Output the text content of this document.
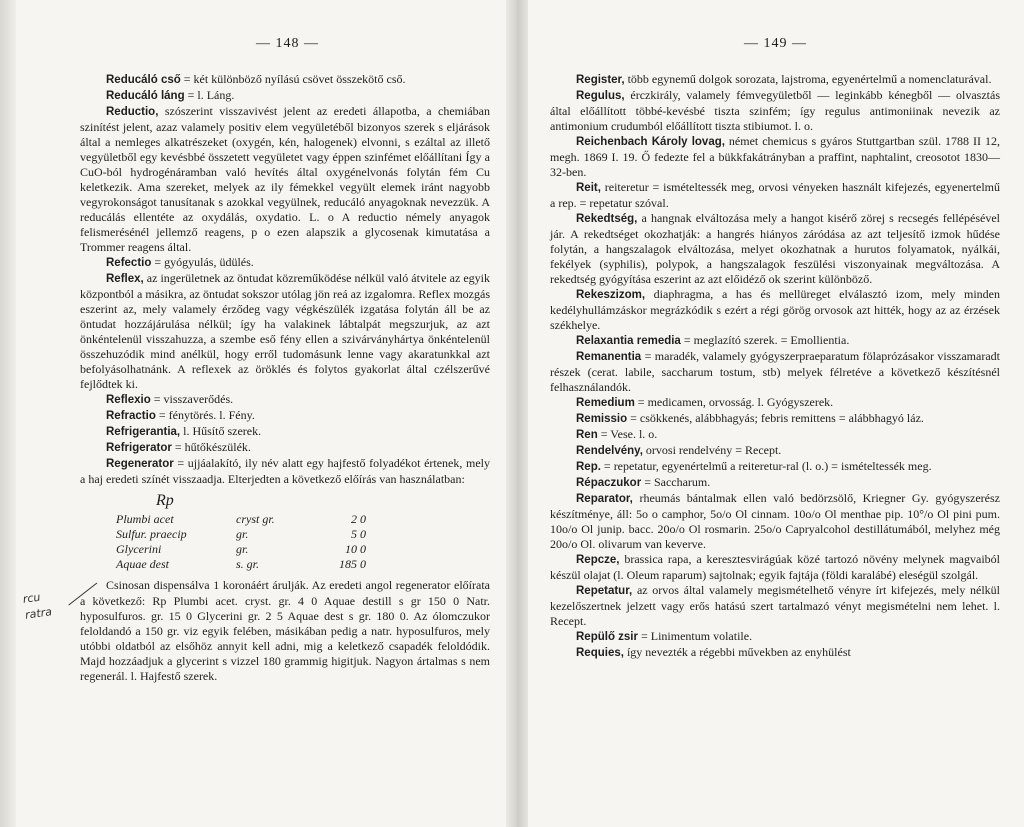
— 148 —
rcu
ratra

Reducáló cső = két különböző nyílású csövet összekötő cső.

Reducáló láng = l. Láng.

Reductio, szószerint visszavivést jelent az eredeti állapotba, a chemiában szinítést jelent, azaz valamely positiv elem vegyületéből bizonyos szerek s eljárások által a nemleges alkatrészeket (oxygén, kén, halogenek) elvonni, s ezáltal az illető vegyületből egy kevésbbé összetett vegyületet vagy éppen szinfémet előállítani Így a CuO-ból hydrogénáramban való hevítés által oxygénelvonás folytán fém Cu keletkezik. Ama szereket, melyek az ily fémekkel vegyült elemek iránt nagyobb vegyrokonságot tanusítanak s azokkal vegyülnek, reducáló anyagoknak nevezzük. A reducálás ellentéte az oxydálás, oxydatio. L. o A reductio némely anyagok felismerésénél jellemző reagens, p o ezen alapszik a glycosenak kimutatása a Trommer reagens által.

Refectio = gyógyulás, üdülés.

Reflex, az ingerületnek az öntudat közreműködése nélkül való átvitele az egyik központból a másikra, az öntudat sokszor utólag jön reá az izgalomra. Reflex mozgás eszerint az, mely valamely érződeg vagy végkészülék izgatása folytán áll be az öntudat hozzájárulása nélkül; így ha valakinek lábtalpát megszurjuk, az azt önkéntelenül visszahuzza, a szembe eső fény ellen a szivárványhártya önkéntelenül összehuzódik mind anélkül, hogy erről tudomásunk lenne vagy akaratunkkal azt befolyásolhatnánk. A reflexek az öröklés és folytos gyakorlat által czélszerűvé fejlődtek ki.

Reflexio = visszaverődés.

Refractio = fénytörés. l. Fény.

Refrigerantia, l. Hűsítő szerek.

Refrigerator = hűtőkészülék.

Regenerator = ujjáalakító, ily név alatt egy hajfestő folyadékot értenek, mely a haj eredeti színét visszaadja. Elterjedten a következő előírás van használatban:

Rp
Plumbi acet	cryst gr.	2 0
Sulfur. praecip	gr.	5 0
Glycerini	gr.	10 0
Aquae dest	s. gr.	185 0

Csinosan dispensálva 1 koronáért árulják. Az eredeti angol regenerator előírata a következő: Rp Plumbi acet. cryst. gr. 4 0 Aquae destill s gr 150 0 Natr. hyposulfuros. gr. 15 0 Glycerini gr. 2 5 Aquae dest s gr. 180 0. Az ólomczukor feloldandó a 150 gr. viz egyik felében, másikában pedig a natr. hyposulfuros, mely utóbbi oldatból az elsőhöz annyit kell adni, mig a keletkező csapadék feloldódik. Majd hozzáadjuk a glycerint s vizzel 180 grammig higitjuk. Nagyon ártalmas s nem regenerál. l. Hajfestő szerek.

— 149 —

Register, több egynemű dolgok sorozata, lajstroma, egyenértelmű a nomenclaturával.

Regulus, érczkirály, valamely fémvegyületből — leginkább kénegből — olvasztás által előállított többé-kevésbé tiszta szinfém; így regulus antimoniinak nevezik az antimonium crudumból előállított tiszta stibiumot. l. o.

Reichenbach Károly lovag, német chemicus s gyáros Stuttgartban szül. 1788 II 12, megh. 1869 I. 19. Ő fedezte fel a bükkfakátrányban a praffint, naphtalint, creosotot 1830—32-ben.

Reit, reiteretur = ismételtessék meg, orvosi vényeken használt kifejezés, egyenertelmű a rep. = repetatur szóval.

Rekedtség, a hangnak elváltozása mely a hangot kisérő zörej s recsegés fellépésével jár. A rekedtséget okozhatják: a hangrés hiányos záródása az azt teljesítő izmok hűdése folytán, a hangszalagok elváltozása, melyet okozhatnak a hurutos folyamatok, nyálkái, fekélyek (syphilis), polypok, a hangszalagok feszülési viszonyainak megváltozása. A rekedtség gyógyítása eszerint az azt előidéző ok szerint különböző.

Rekeszizom, diaphragma, a has és mellüreget elválasztó izom, mely minden kedélyhullámzáskor megrázkódik s ezért a régi görög orvosok azt hitték, hogy az az érzések székhelye.

Relaxantia remedia = meglazító szerek. = Emollientia.

Remanentia = maradék, valamely gyógyszerpraeparatum fölaprózásakor visszamaradt részek (cerat. labile, saccharum tostum, stb) melyek félretéve a következő készítésnél felhasználandók.

Remedium = medicamen, orvosság. l. Gyógyszerek.

Remissio = csökkenés, alábbhagyás; febris remittens = alábbhagyó láz.

Ren = Vese. l. o.

Rendelvény, orvosi rendelvény = Recept.

Rep. = repetatur, egyenértelmű a reiteretur-ral (l. o.) = ismételtessék meg.

Répaczukor = Saccharum.

Reparator, rheumás bántalmak ellen való bedörzsölő, Kriegner Gy. gyógyszerész készítménye, áll: 5o o camphor, 5o/o Ol cinnam. 10o/o Ol menthae pip. 10°/o Ol pini pum. 10o/o Ol junip. bacc. 20o/o Ol rosmarin. 25o/o Capryalcohol destillátumából, melyhez még 20o/o Ol. olivarum van keverve.

Repcze, brassica rapa, a keresztesvirágúak közé tartozó növény melynek magvaiból készül olajat (l. Oleum raparum) sajtolnak; egyik fajtája (földi karalábé) eleségül szolgál.

Repetatur, az orvos által valamely megismételhető vényre írt kifejezés, mely nélkül kezelőszertnek jelzett vagy erős hatású szert tartalmazó vényt megismételni nem lehet. l. Recept.

Repülő zsir = Linimentum volatile.

Requies, így nevezték a régebbi művekben az enyhülést
